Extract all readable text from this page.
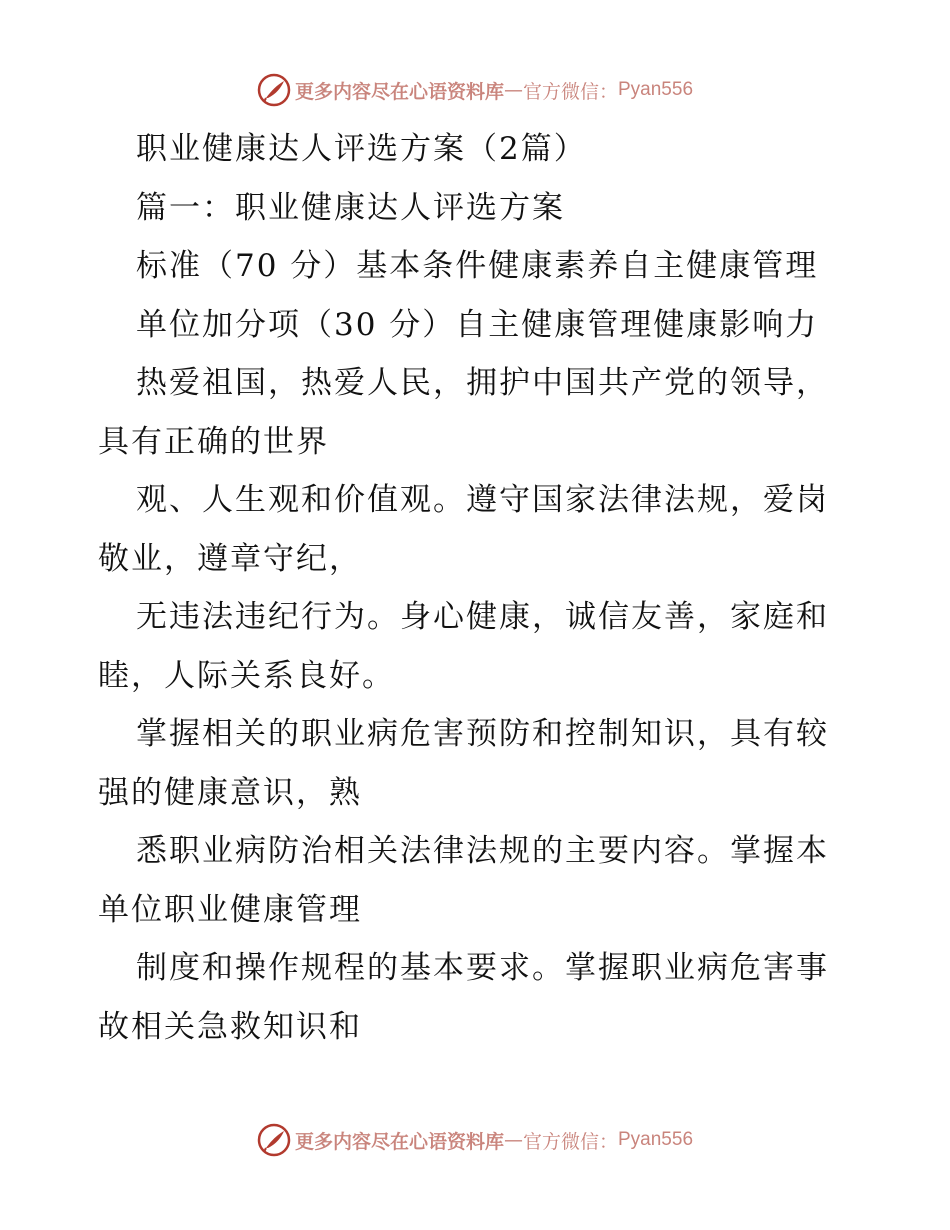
更多内容尽在心语资料库 — 官方微信： Pyan556

职业健康达人评选方案（2篇）

篇一：职业健康达人评选方案

标准（70 分）基本条件健康素养自主健康管理

单位加分项（30 分）自主健康管理健康影响力

热爱祖国，热爱人民，拥护中国共产党的领导，具有正确的世界

观、人生观和价值观。遵守国家法律法规，爱岗敬业，遵章守纪，

无违法违纪行为。身心健康，诚信友善，家庭和睦，人际关系良好。

掌握相关的职业病危害预防和控制知识，具有较强的健康意识，熟

悉职业病防治相关法律法规的主要内容。掌握本单位职业健康管理

制度和操作规程的基本要求。掌握职业病危害事故相关急救知识和

更多内容尽在心语资料库 — 官方微信： Pyan556
